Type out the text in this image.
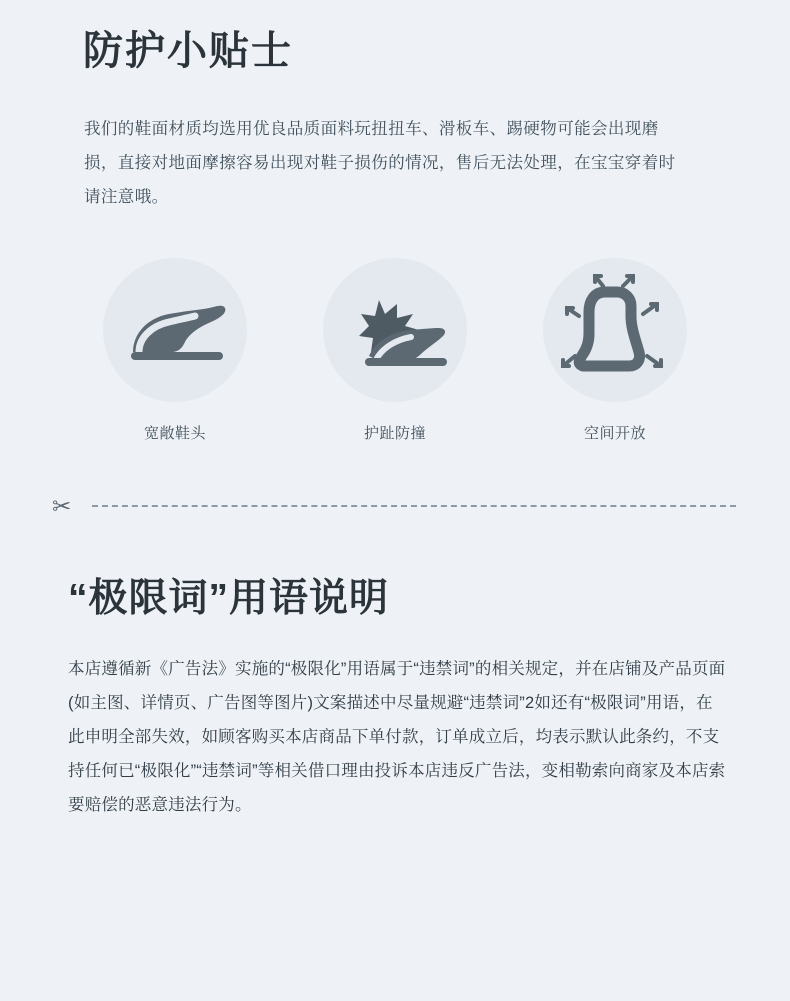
防护小贴士
我们的鞋面材质均选用优良品质面料玩扭扭车、滑板车、踢硬物可能会出现磨损，直接对地面摩擦容易出现对鞋子损伤的情况，售后无法处理，在宝宝穿着时请注意哦。
宽敞鞋头	护趾防撞	空间开放
✂
“极限词”用语说明
本店遵循新《广告法》实施的“极限化”用语属于“违禁词”的相关规定，并在店铺及产品页面(如主图、详情页、广告图等图片)文案描述中尽量规避“违禁词”2如还有“极限词”用语，在此申明全部失效，如顾客购买本店商品下单付款，订单成立后，均表示默认此条约，不支持任何已“极限化”“违禁词”等相关借口理由投诉本店违反广告法，变相勒索向商家及本店索要赔偿的恶意违法行为。
